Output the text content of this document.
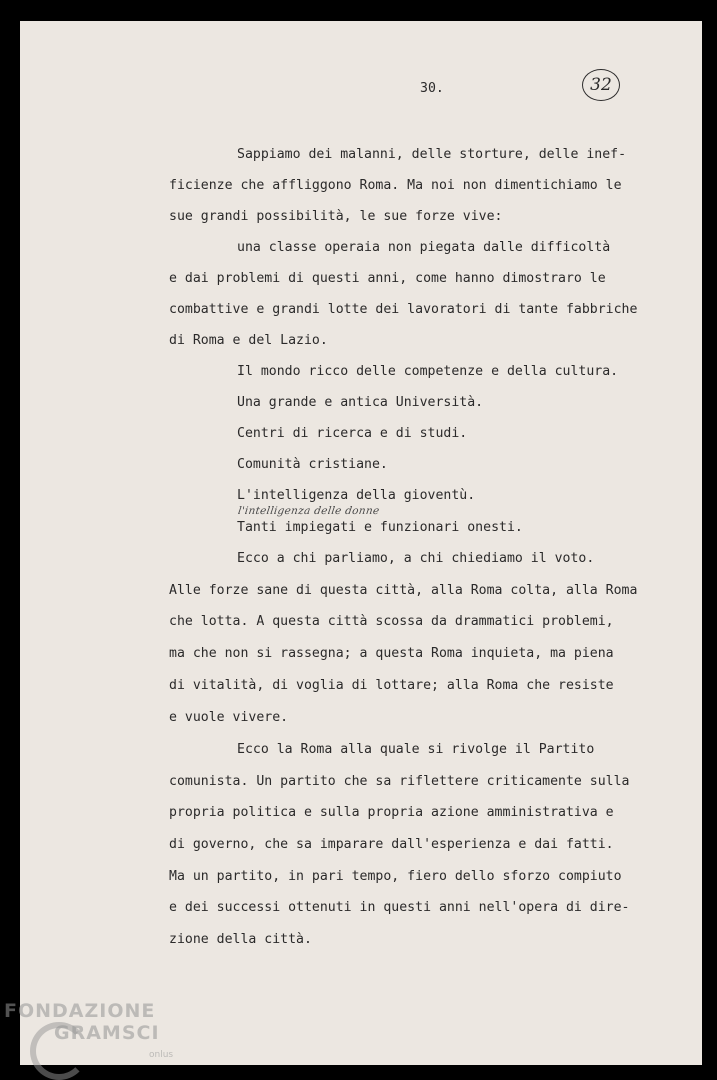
30.	32
Sappiamo dei malanni, delle storture, delle inef-
ficienze che affliggono Roma. Ma noi non dimentichiamo le
sue grandi possibilità, le sue forze vive:
una classe operaia non piegata dalle difficoltà
e dai problemi di questi anni, come hanno dimostraro le
combattive e grandi lotte dei lavoratori di tante fabbriche
di Roma e del Lazio.
Il mondo ricco delle competenze e della cultura.
Una grande e antica Università.
Centri di ricerca e di studi.
Comunità cristiane.
L'intelligenza della gioventù.
l'intelligenza delle donne
Tanti impiegati e funzionari onesti.
Ecco a chi parliamo, a chi chiediamo il voto.
Alle forze sane di questa città, alla Roma colta, alla Roma
che lotta. A questa città scossa da drammatici problemi,
ma che non si rassegna; a questa Roma inquieta, ma piena
di vitalità, di voglia di lottare; alla Roma che resiste
e vuole vivere.
Ecco la Roma alla quale si rivolge il Partito
comunista. Un partito che sa riflettere criticamente sulla
propria politica e sulla propria azione amministrativa e
di governo, che sa imparare dall'esperienza e dai fatti.
Ma un partito, in pari tempo, fiero dello sforzo compiuto
e dei successi ottenuti in questi anni nell'opera di dire-
zione della città.
FONDAZIONE
GRAMSCI
onlus
